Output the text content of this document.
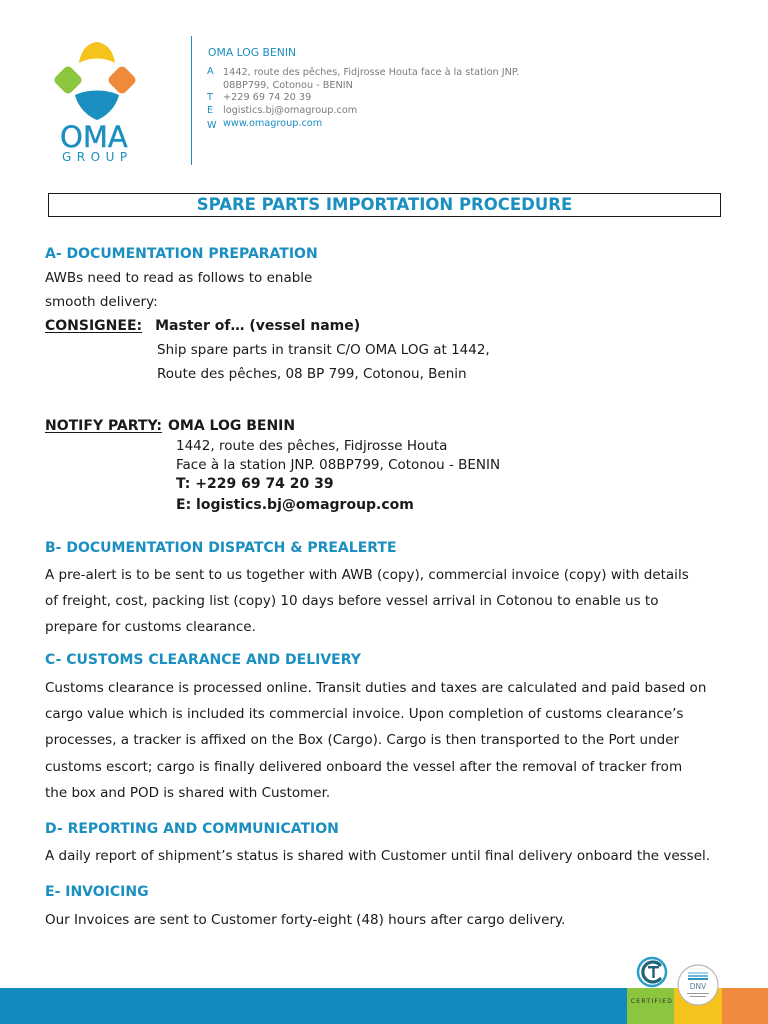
OMA
GROUP
OMA LOG BENIN
A 1442, route des pêches, Fidjrosse Houta face à la station JNP.
08BP799, Cotonou - BENIN
T +229 69 74 20 39
E logistics.bj@omagroup.com
W www.omagroup.com
SPARE PARTS IMPORTATION PROCEDURE
A- DOCUMENTATION PREPARATION
AWBs need to read as follows to enable
smooth delivery:
CONSIGNEE: Master of… (vessel name)
Ship spare parts in transit C/O OMA LOG at 1442,
Route des pêches, 08 BP 799, Cotonou, Benin
NOTIFY PARTY: OMA LOG BENIN
1442, route des pêches, Fidjrosse Houta
Face à la station JNP. 08BP799, Cotonou - BENIN
T: +229 69 74 20 39
E: logistics.bj@omagroup.com
B- DOCUMENTATION DISPATCH & PREALERTE
A pre-alert is to be sent to us together with AWB (copy), commercial invoice (copy) with details
of freight, cost, packing list (copy) 10 days before vessel arrival in Cotonou to enable us to
prepare for customs clearance.
C- CUSTOMS CLEARANCE AND DELIVERY
Customs clearance is processed online. Transit duties and taxes are calculated and paid based on
cargo value which is included its commercial invoice. Upon completion of customs clearance’s
processes, a tracker is affixed on the Box (Cargo). Cargo is then transported to the Port under
customs escort; cargo is finally delivered onboard the vessel after the removal of tracker from
the box and POD is shared with Customer.
D- REPORTING AND COMMUNICATION
A daily report of shipment’s status is shared with Customer until final delivery onboard the vessel.
E- INVOICING
Our Invoices are sent to Customer forty-eight (48) hours after cargo delivery.
CERTIFIED
DNV
